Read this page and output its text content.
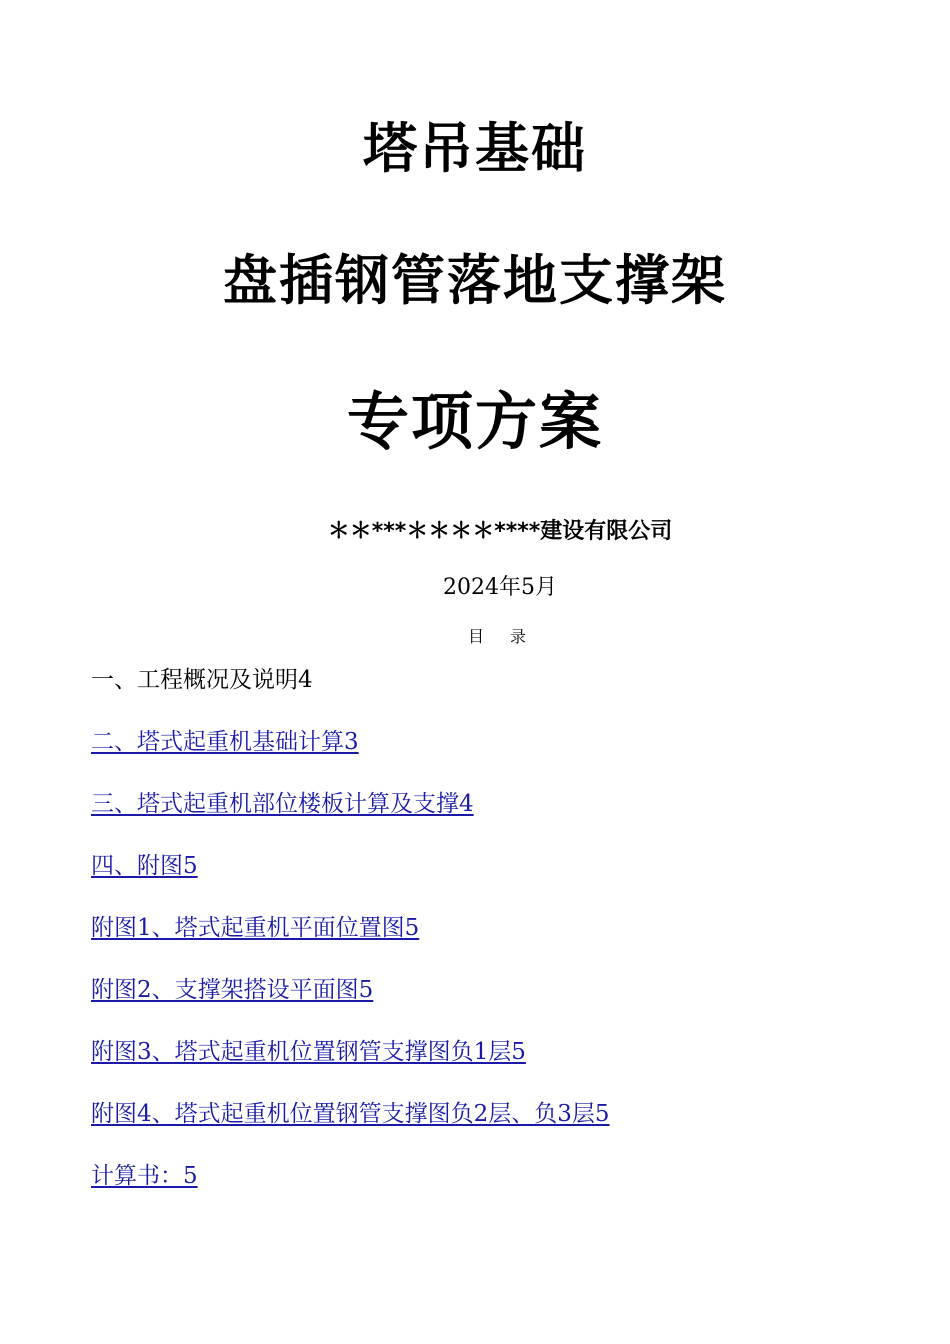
塔吊基础
盘插钢管落地支撑架
专项方案
＊＊***＊＊＊＊****建设有限公司
2024年5月
目录
一、工程概况及说明4
二、塔式起重机基础计算3
三、塔式起重机部位楼板计算及支撑4
四、附图5
附图1、塔式起重机平面位置图5
附图2、支撑架搭设平面图5
附图3、塔式起重机位置钢管支撑图负1层5
附图4、塔式起重机位置钢管支撑图负2层、负3层5
计算书：5
